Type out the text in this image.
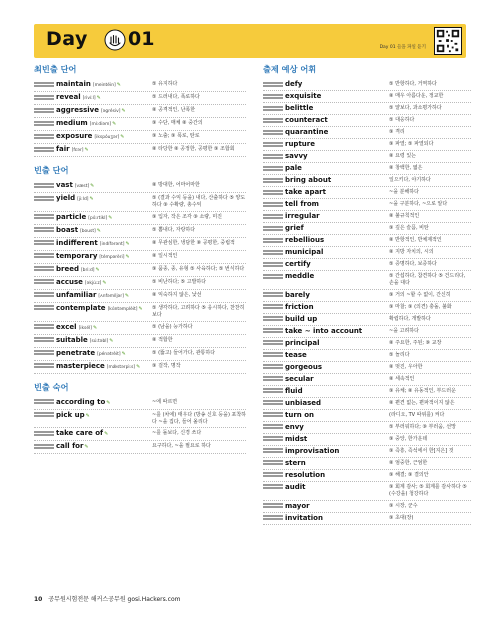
Day 01	Day 01 들을 파일 듣기
최빈출 단어
maintain [meintéin]✎	⑤ 유지하다
reveal [rivíːl]✎	⑤ 드러내다, 폭로하다
aggressive [əgrésiv]✎	⑧ 공격적인, 난폭한
medium [míːdiəm]✎	⑨ 수단, 매체 ⑧ 중간의
exposure [ikspóuʒər]✎	⑨ 노출; ⑨ 폭로, 탄로
fair [fɛər]✎	⑧ 타당한 ⑧ 공정한, 공평한 ⑨ 조합회
빈출 단어
vast [væst]✎	⑧ 방대한, 어마어마한
yield [jiːld]✎	⑤ (결과 수익 등을) 내다, 산출하다 ⑤ 양도하다 ⑨ 수확량, 총수익
particle [pɑ́ːrtikl]✎	⑨ 입자, 작은 조각 ⑨ 소량, 미진
boast [boust]✎	⑤ 뽐내다, 자랑하다
indifferent [indífərənt]✎	⑧ 무관심한, 냉담한 ⑧ 공평한, 중립적
temporary [témpərèri]✎	⑧ 일시적인
breed [briːd]✎	⑨ 품종, 종, 유형 ⑤ 사육하다; ⑤ 번식하다
accuse [əkjúːz]✎	⑤ 비난하다; ⑤ 고발하다
unfamiliar [ʌnfəmíljər]✎	⑧ 익숙하지 않은, 낯선
contemplate [kɑ́ntəmplèit]✎	⑤ 생각하다, 고려하다 ⑤ 응시하다, 찬찬히 보다
excel [iksél]✎	⑤ (남을) 능가하다
suitable [súːtəbl]✎	⑧ 적합한
penetrate [pénətrèit]✎	⑤ (뚫고) 들어가다, 관통하다
masterpiece [mǽstərpìːs]✎	⑨ 걸작, 명작
빈출 숙어
according to✎	~에 따르면
pick up✎	~를 (차에) 태우다 (방송 신호 등을) 포착하다 ~을 집다, 들어 올리다
take care of✎	~를 돌보다, 신경 쓰다
call for✎	요구하다, ~을 필요로 하다
출제 예상 어휘
defy	⑤ 반항하다, 거역하다
exquisite	⑧ 매우 아름다운, 정교한
belittle	⑤ 얕보다, 과소평가하다
counteract	⑤ 대응하다
quarantine	⑨ 격리
rupture	⑨ 파열; ⑤ 파열되다
savvy	⑧ 요령 있는
pale	⑧ 창백한, 엷은
bring about	일으키다, 야기하다
take apart	~을 분해하다
tell from	~을 구분하다, ~으로 알다
irregular	⑧ 불규칙적인
grief	⑨ 깊은 슬픔, 비탄
rebellious	⑧ 반항적인, 반체제적인
municipal	⑧ 지방 자치의, 시의
certify	⑤ 증명하다, 보증하다
meddle	⑤ 간섭하다, 참견하다 ⑤ 건드리다, 손을 대다
barely	⑨ 거의 ~할 수 없이, 간신히
friction	⑨ 마찰; ⑨ (의견) 충돌, 불화
build up	확립하다, 개발하다
take ~ into account	~을 고려하다
principal	⑧ 주요한, 주된; ⑨ 교장
tease	⑤ 놀리다
gorgeous	⑧ 멋진, 우아한
secular	⑧ 세속적인
fluid	⑨ 유체; ⑧ 유동적인, 부드러운
unbiased	⑧ 편견 없는, 편파적이지 않은
turn on	(라디오, TV 따위를) 켜다
envy	⑤ 부러워하다; ⑨ 부러움, 선망
midst	⑨ 중앙, 한가운데
improvisation	⑨ 즉흥, 즉석에서 한[지은] 것
stern	⑧ 엄중한, 근엄한
resolution	⑨ 해결; ⑨ 결의안
audit	⑨ 회계 감사; ⑤ 회계를 감사하다 ⑤ (수강을) 청강하다
mayor	⑨ 시장, 군수
invitation	⑨ 초대(장)
10 공무원시험전문 해커스공무원 gosi.Hackers.com
